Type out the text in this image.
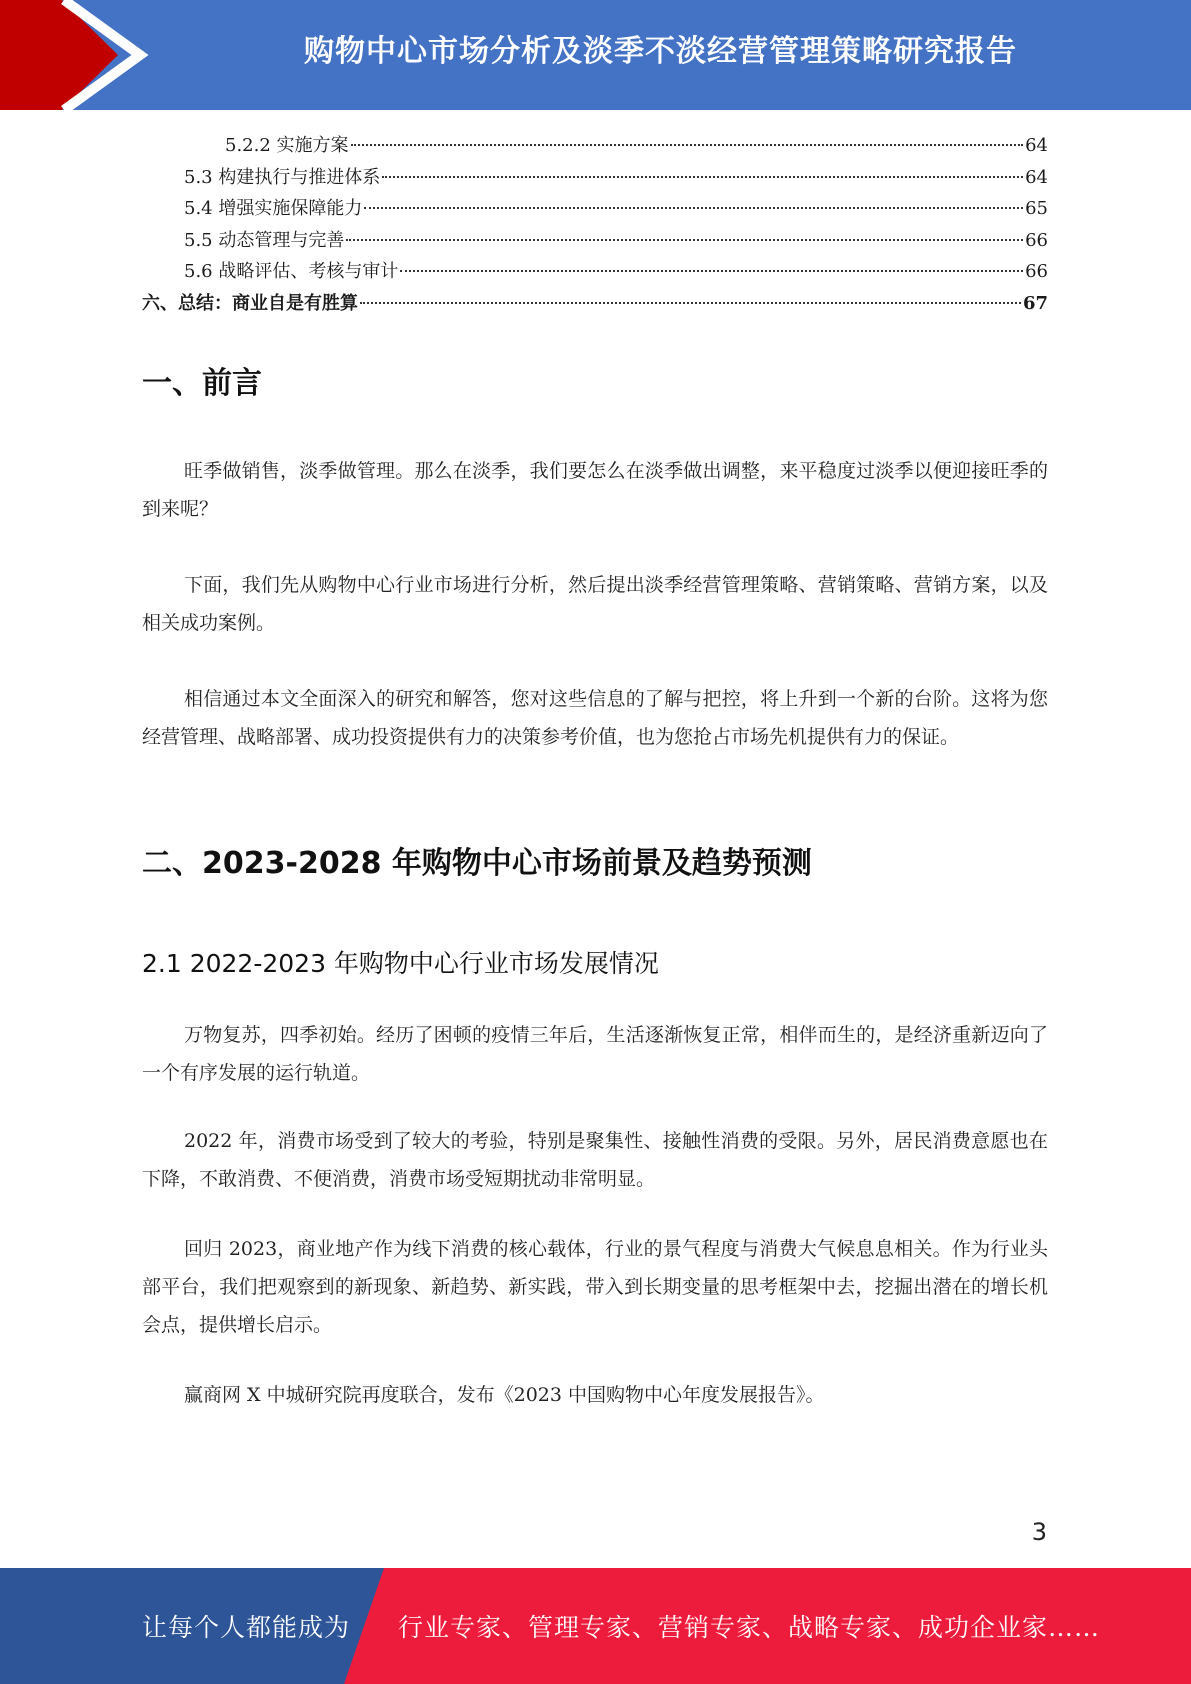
购物中心市场分析及淡季不淡经营管理策略研究报告
5.2.2 实施方案	64
5.3 构建执行与推进体系	64
5.4 增强实施保障能力	65
5.5 动态管理与完善	66
5.6 战略评估、考核与审计	66
六、总结：商业自是有胜算	67
一、前言

旺季做销售，淡季做管理。那么在淡季，我们要怎么在淡季做出调整，来平稳度过淡季以便迎接旺季的到来呢？

下面，我们先从购物中心行业市场进行分析，然后提出淡季经营管理策略、营销策略、营销方案，以及相关成功案例。

相信通过本文全面深入的研究和解答，您对这些信息的了解与把控，将上升到一个新的台阶。这将为您经营管理、战略部署、成功投资提供有力的决策参考价值，也为您抢占市场先机提供有力的保证。

二、2023-2028 年购物中心市场前景及趋势预测
2.1 2022-2023 年购物中心行业市场发展情况

万物复苏，四季初始。经历了困顿的疫情三年后，生活逐渐恢复正常，相伴而生的，是经济重新迈向了一个有序发展的运行轨道。

2022 年，消费市场受到了较大的考验，特别是聚集性、接触性消费的受限。另外，居民消费意愿也在下降，不敢消费、不便消费，消费市场受短期扰动非常明显。

回归 2023，商业地产作为线下消费的核心载体，行业的景气程度与消费大气候息息相关。作为行业头部平台，我们把观察到的新现象、新趋势、新实践，带入到长期变量的思考框架中去，挖掘出潜在的增长机会点，提供增长启示。

赢商网 X 中城研究院再度联合，发布《2023 中国购物中心年度发展报告》。

3
让每个人都能成为 行业专家、管理专家、营销专家、战略专家、成功企业家……
